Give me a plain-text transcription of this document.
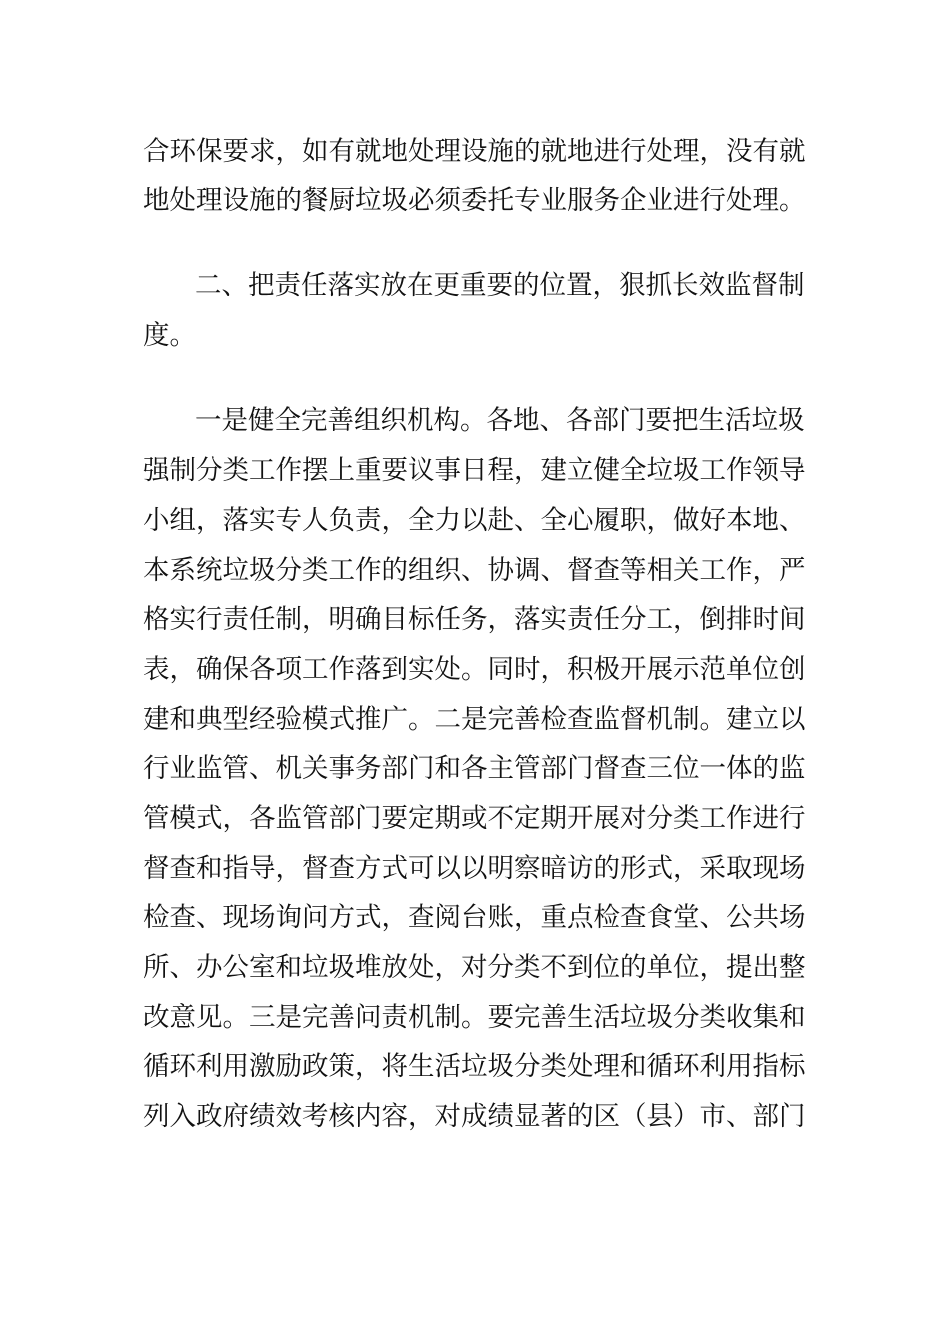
合环保要求，如有就地处理设施的就地进行处理，没有就
地处理设施的餐厨垃圾必须委托专业服务企业进行处理。
二、把责任落实放在更重要的位置，狠抓长效监督制
度。
一是健全完善组织机构。各地、各部门要把生活垃圾
强制分类工作摆上重要议事日程，建立健全垃圾工作领导
小组，落实专人负责，全力以赴、全心履职，做好本地、
本系统垃圾分类工作的组织、协调、督查等相关工作，严
格实行责任制，明确目标任务，落实责任分工，倒排时间
表，确保各项工作落到实处。同时，积极开展示范单位创
建和典型经验模式推广。二是完善检查监督机制。建立以
行业监管、机关事务部门和各主管部门督查三位一体的监
管模式，各监管部门要定期或不定期开展对分类工作进行
督查和指导，督查方式可以以明察暗访的形式，采取现场
检查、现场询问方式，查阅台账，重点检查食堂、公共场
所、办公室和垃圾堆放处，对分类不到位的单位，提出整
改意见。三是完善问责机制。要完善生活垃圾分类收集和
循环利用激励政策，将生活垃圾分类处理和循环利用指标
列入政府绩效考核内容，对成绩显著的区（县）市、部门
